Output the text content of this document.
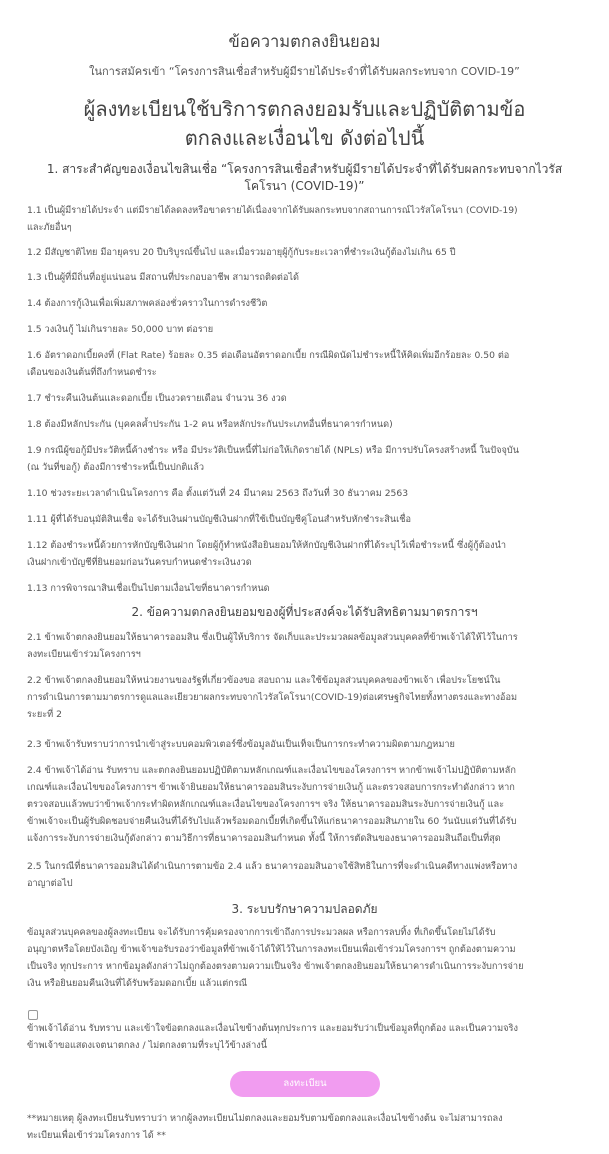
ข้อความตกลงยินยอม
ในการสมัครเข้า “โครงการสินเชื่อสำหรับผู้มีรายได้ประจำที่ได้รับผลกระทบจาก COVID-19”
ผู้ลงทะเบียนใช้บริการตกลงยอมรับและปฏิบัติตามข้อ
ตกลงและเงื่อนไข ดังต่อไปนี้
1. สาระสำคัญของเงื่อนไขสินเชื่อ “โครงการสินเชื่อสำหรับผู้มีรายได้ประจำที่ได้รับผลกระทบจากไวรัส
โคโรนา (COVID-19)”
1.1 เป็นผู้มีรายได้ประจำ แต่มีรายได้ลดลงหรือขาดรายได้เนื่องจากได้รับผลกระทบจากสถานการณ์ไวรัสโคโรนา (COVID-19)
และภัยอื่นๆ
1.2 มีสัญชาติไทย มีอายุครบ 20 ปีบริบูรณ์ขึ้นไป และเมื่อรวมอายุผู้กู้กับระยะเวลาที่ชำระเงินกู้ต้องไม่เกิน 65 ปี
1.3 เป็นผู้ที่มีถิ่นที่อยู่แน่นอน มีสถานที่ประกอบอาชีพ สามารถติดต่อได้
1.4 ต้องการกู้เงินเพื่อเพิ่มสภาพคล่องชั่วคราวในการดำรงชีวิต
1.5 วงเงินกู้ ไม่เกินรายละ 50,000 บาท ต่อราย
1.6 อัตราดอกเบี้ยคงที่ (Flat Rate) ร้อยละ 0.35 ต่อเดือนอัตราดอกเบี้ย กรณีผิดนัดไม่ชำระหนี้ให้คิดเพิ่มอีกร้อยละ 0.50 ต่อ
เดือนของเงินต้นที่ถึงกำหนดชำระ
1.7 ชำระคืนเงินต้นและดอกเบี้ย เป็นงวดรายเดือน จำนวน 36 งวด
1.8 ต้องมีหลักประกัน (บุคคลค้ำประกัน 1-2 คน หรือหลักประกันประเภทอื่นที่ธนาคารกำหนด)
1.9 กรณีผู้ขอกู้มีประวัติหนี้ค้างชำระ หรือ มีประวัติเป็นหนี้ที่ไม่ก่อให้เกิดรายได้ (NPLs) หรือ มีการปรับโครงสร้างหนี้ ในปัจจุบัน
(ณ วันที่ขอกู้) ต้องมีการชำระหนี้เป็นปกติแล้ว
1.10 ช่วงระยะเวลาดำเนินโครงการ คือ ตั้งแต่วันที่ 24 มีนาคม 2563 ถึงวันที่ 30 ธันวาคม 2563
1.11 ผู้ที่ได้รับอนุมัติสินเชื่อ จะได้รับเงินผ่านบัญชีเงินฝากที่ใช้เป็นบัญชีคู่โอนสำหรับหักชำระสินเชื่อ
1.12 ต้องชำระหนี้ด้วยการหักบัญชีเงินฝาก โดยผู้กู้ทำหนังสือยินยอมให้หักบัญชีเงินฝากที่ได้ระบุไว้เพื่อชำระหนี้ ซึ่งผู้กู้ต้องนำ
เงินฝากเข้าบัญชีที่ยินยอมก่อนวันครบกำหนดชำระเงินงวด
1.13 การพิจารณาสินเชื่อเป็นไปตามเงื่อนไขที่ธนาคารกำหนด
2. ข้อความตกลงยินยอมของผู้ที่ประสงค์จะได้รับสิทธิตามมาตรการฯ
2.1 ข้าพเจ้าตกลงยินยอมให้ธนาคารออมสิน ซึ่งเป็นผู้ให้บริการ จัดเก็บและประมวลผลข้อมูลส่วนบุคคลที่ข้าพเจ้าได้ให้ไว้ในการ
ลงทะเบียนเข้าร่วมโครงการฯ
2.2 ข้าพเจ้าตกลงยินยอมให้หน่วยงานของรัฐที่เกี่ยวข้องขอ สอบถาม และใช้ข้อมูลส่วนบุคคลของข้าพเจ้า เพื่อประโยชน์ใน
การดำเนินการตามมาตรการดูแลและเยียวยาผลกระทบจากไวรัสโคโรนา(COVID-19)ต่อเศรษฐกิจไทยทั้งทางตรงและทางอ้อม
ระยะที่ 2
2.3 ข้าพเจ้ารับทราบว่าการนำเข้าสู่ระบบคอมพิวเตอร์ซึ่งข้อมูลอันเป็นเท็จเป็นการกระทำความผิดตามกฎหมาย
2.4 ข้าพเจ้าได้อ่าน รับทราบ และตกลงยินยอมปฏิบัติตามหลักเกณฑ์และเงื่อนไขของโครงการฯ หากข้าพเจ้าไม่ปฏิบัติตามหลัก
เกณฑ์และเงื่อนไขของโครงการฯ ข้าพเจ้ายินยอมให้ธนาคารออมสินระงับการจ่ายเงินกู้ และตรวจสอบการกระทำดังกล่าว หาก
ตรวจสอบแล้วพบว่าข้าพเจ้ากระทำผิดหลักเกณฑ์และเงื่อนไขของโครงการฯ จริง ให้ธนาคารออมสินระงับการจ่ายเงินกู้ และ
ข้าพเจ้าจะเป็นผู้รับผิดชอบจ่ายคืนเงินที่ได้รับไปแล้วพร้อมดอกเบี้ยที่เกิดขึ้นให้แก่ธนาคารออมสินภายใน 60 วันนับแต่วันที่ได้รับ
แจ้งการระงับการจ่ายเงินกู้ดังกล่าว ตามวิธีการที่ธนาคารออมสินกำหนด ทั้งนี้ ให้การตัดสินของธนาคารออมสินถือเป็นที่สุด
2.5 ในกรณีที่ธนาคารออมสินได้ดำเนินการตามข้อ 2.4 แล้ว ธนาคารออมสินอาจใช้สิทธิในการที่จะดำเนินคดีทางแพ่งหรือทาง
อาญาต่อไป
3. ระบบรักษาความปลอดภัย
ข้อมูลส่วนบุคคลของผู้ลงทะเบียน จะได้รับการคุ้มครองจากการเข้าถึงการประมวลผล หรือการลบทิ้ง ที่เกิดขึ้นโดยไม่ได้รับ
อนุญาตหรือโดยบังเอิญ ข้าพเจ้าขอรับรองว่าข้อมูลที่ข้าพเจ้าได้ให้ไว้ในการลงทะเบียนเพื่อเข้าร่วมโครงการฯ ถูกต้องตามความ
เป็นจริง ทุกประการ หากข้อมูลดังกล่าวไม่ถูกต้องตรงตามความเป็นจริง ข้าพเจ้าตกลงยินยอมให้ธนาคารดำเนินการระงับการจ่าย
เงิน หรือยินยอมคืนเงินที่ได้รับพร้อมดอกเบี้ย แล้วแต่กรณี
ข้าพเจ้าได้อ่าน รับทราบ และเข้าใจข้อตกลงและเงื่อนไขข้างต้นทุกประการ และยอมรับว่าเป็นข้อมูลที่ถูกต้อง และเป็นความจริง
ข้าพเจ้าขอแสดงเจตนาตกลง / ไม่ตกลงตามที่ระบุไว้ข้างล่างนี้
ลงทะเบียน
**หมายเหตุ ผู้ลงทะเบียนรับทราบว่า หากผู้ลงทะเบียนไม่ตกลงและยอมรับตามข้อตกลงและเงื่อนไขข้างต้น จะไม่สามารถลง
ทะเบียนเพื่อเข้าร่วมโครงการ ได้ **
